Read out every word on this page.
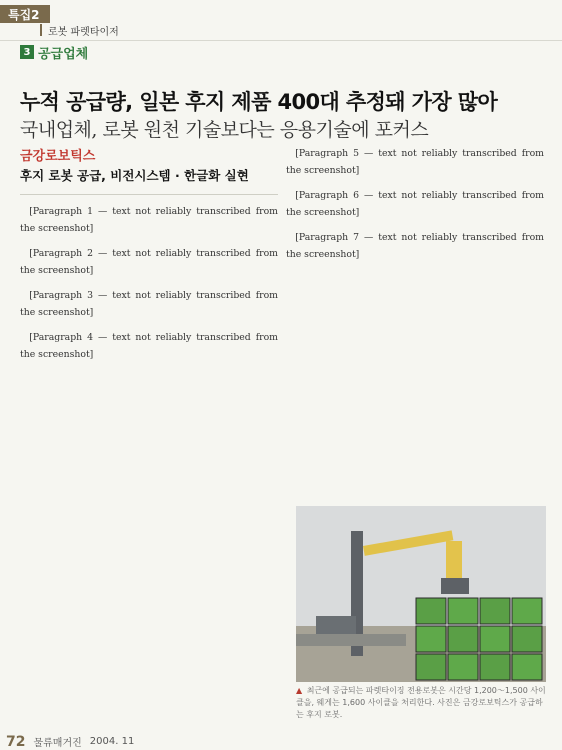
특집2
로봇 파렛타이저
3 공급업체
누적 공급량, 일본 후지 제품 400대 추정돼 가장 많아
국내업체, 로봇 원천 기술보다는 응용기술에 포커스
금강로보틱스
후지 로봇 공급, 비전시스템 · 한글화 실현

[Paragraph 1 — text not reliably transcribed from the screenshot]

[Paragraph 2 — text not reliably transcribed from the screenshot]

[Paragraph 3 — text not reliably transcribed from the screenshot]

[Paragraph 4 — text not reliably transcribed from the screenshot]

[Paragraph 5 — text not reliably transcribed from the screenshot]

[Paragraph 6 — text not reliably transcribed from the screenshot]

[Paragraph 7 — text not reliably transcribed from the screenshot]

▲ 최근에 공급되는 파렛타이징 전용로봇은 시간당 1,200～1,500 사이클을, 웨게는 1,600 사이클을 처리한다. 사진은 금강로보틱스가 공급하는 후지 로봇.
72 물류매거진 2004. 11
